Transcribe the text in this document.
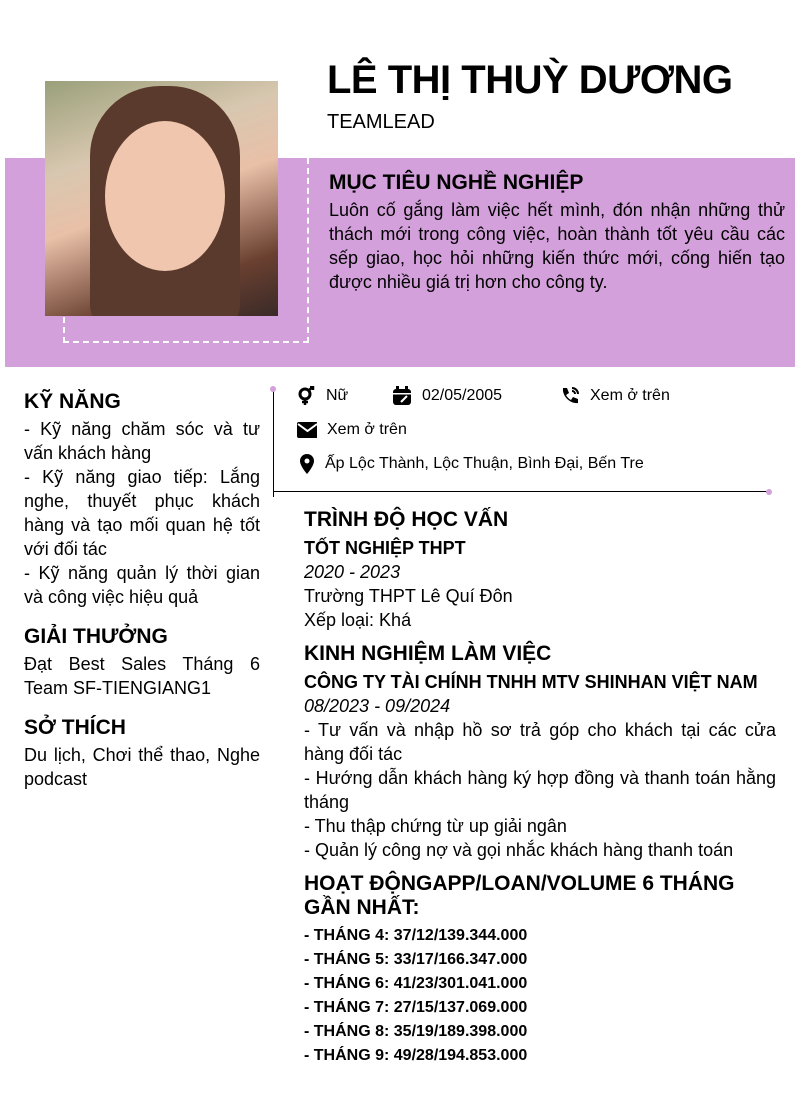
LÊ THỊ THUỲ DƯƠNG
TEAMLEAD
MỤC TIÊU NGHỀ NGHIỆP
Luôn cố gắng làm việc hết mình, đón nhận những thử thách mới trong công việc, hoàn thành tốt yêu cầu các sếp giao, học hỏi những kiến thức mới, cống hiến tạo được nhiều giá trị hơn cho công ty.
Nữ	02/05/2005	Xem ở trên
Xem ở trên
Ấp Lộc Thành, Lộc Thuận, Bình Đại, Bến Tre
KỸ NĂNG
- Kỹ năng chăm sóc và tư vấn khách hàng
- Kỹ năng giao tiếp: Lắng nghe, thuyết phục khách hàng và tạo mối quan hệ tốt với đối tác
- Kỹ năng quản lý thời gian và công việc hiệu quả
GIẢI THƯỞNG
Đạt Best Sales Tháng 6 Team SF-TIENGIANG1
SỞ THÍCH
Du lịch, Chơi thể thao, Nghe podcast
TRÌNH ĐỘ HỌC VẤN
TỐT NGHIỆP THPT
2020 - 2023
Trường THPT Lê Quí Đôn
Xếp loại: Khá
KINH NGHIỆM LÀM VIỆC
CÔNG TY TÀI CHÍNH TNHH MTV SHINHAN VIỆT NAM
08/2023 - 09/2024
- Tư vấn và nhập hồ sơ trả góp cho khách tại các cửa hàng đối tác
- Hướng dẫn khách hàng ký hợp đồng và thanh toán hằng tháng
- Thu thập chứng từ up giải ngân
- Quản lý công nợ và gọi nhắc khách hàng thanh toán
HOẠT ĐỘNGAPP/LOAN/VOLUME 6 THÁNG GẦN NHẤT:
- THÁNG 4: 37/12/139.344.000
- THÁNG 5: 33/17/166.347.000
- THÁNG 6: 41/23/301.041.000
- THÁNG 7: 27/15/137.069.000
- THÁNG 8: 35/19/189.398.000
- THÁNG 9: 49/28/194.853.000
